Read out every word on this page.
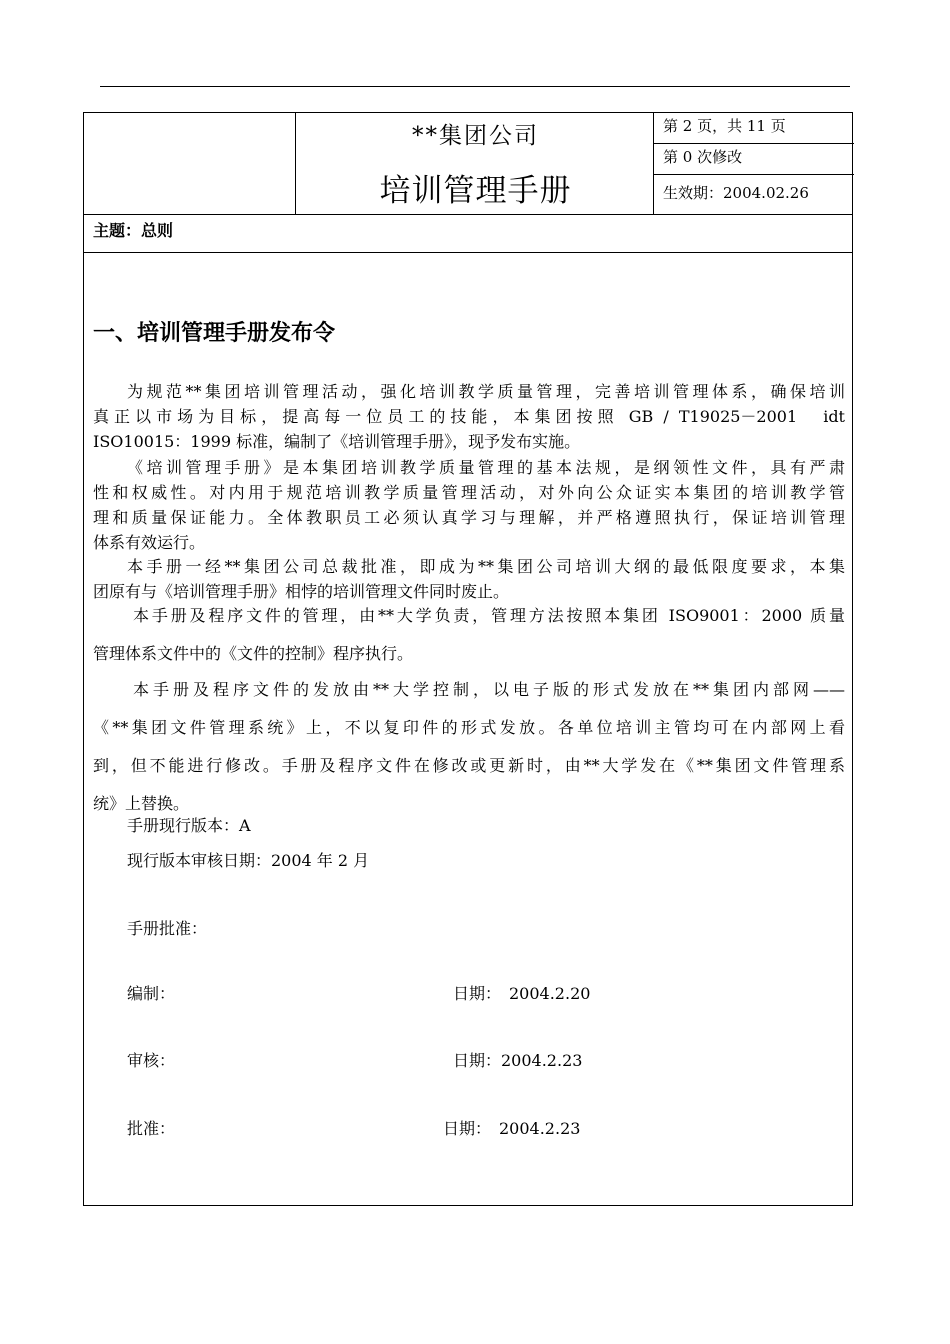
**集团公司
培训管理手册
第 2 页，共 11 页
第 0 次修改
生效期：2004.02.26
主题：总则
一、培训管理手册发布令
为规范**集团培训管理活动，强化培训教学质量管理，完善培训管理体系，确保培训
真正以市场为目标，提高每一位员工的技能，本集团按照 GB / T19025－2001　idt
ISO10015：1999 标准，编制了《培训管理手册》，现予发布实施。
《培训管理手册》是本集团培训教学质量管理的基本法规，是纲领性文件，具有严肃
性和权威性。对内用于规范培训教学质量管理活动，对外向公众证实本集团的培训教学管
理和质量保证能力。全体教职员工必须认真学习与理解，并严格遵照执行，保证培训管理
体系有效运行。
本手册一经**集团公司总裁批准，即成为**集团公司培训大纲的最低限度要求，本集
团原有与《培训管理手册》相悖的培训管理文件同时废止。
本手册及程序文件的管理，由**大学负责，管理方法按照本集团 ISO9001：2000 质量
管理体系文件中的《文件的控制》程序执行。
本手册及程序文件的发放由**大学控制，以电子版的形式发放在**集团内部网——
《**集团文件管理系统》上，不以复印件的形式发放。各单位培训主管均可在内部网上看
到，但不能进行修改。手册及程序文件在修改或更新时，由**大学发在《**集团文件管理系
统》上替换。
手册现行版本：A
现行版本审核日期：2004 年 2 月
手册批准：
编制：	日期：　2004.2.20
审核：	日期：2004.2.23
批准：	日期：　2004.2.23
